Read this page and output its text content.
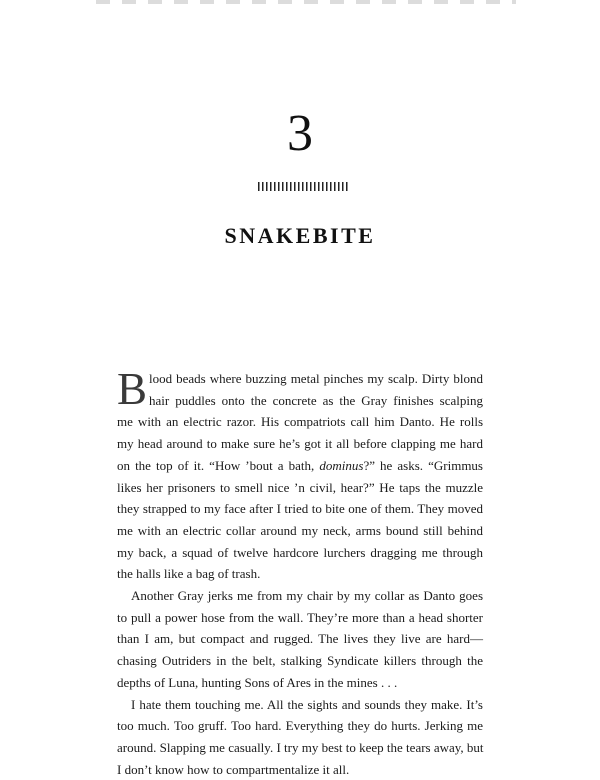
3
SNAKEBITE
B lood beads where buzzing metal pinches my scalp. Dirty blond
hair puddles onto the concrete as the Gray finishes scalping
me with an electric razor. His compatriots call him Danto. He rolls
my head around to make sure he’s got it all before clapping me hard
on the top of it. “How ’bout a bath, dominus?” he asks. “Grimmus
likes her prisoners to smell nice ’n civil, hear?” He taps the muzzle
they strapped to my face after I tried to bite one of them. They moved
me with an electric collar around my neck, arms bound still behind
my back, a squad of twelve hardcore lurchers dragging me through
the halls like a bag of trash.
Another Gray jerks me from my chair by my collar as Danto goes
to pull a power hose from the wall. They’re more than a head shorter
than I am, but compact and rugged. The lives they live are hard—
chasing Outriders in the belt, stalking Syndicate killers through the
depths of Luna, hunting Sons of Ares in the mines . . .
I hate them touching me. All the sights and sounds they make. It’s
too much. Too gruff. Too hard. Everything they do hurts. Jerking me
around. Slapping me casually. I try my best to keep the tears away, but
I don’t know how to compartmentalize it all.
